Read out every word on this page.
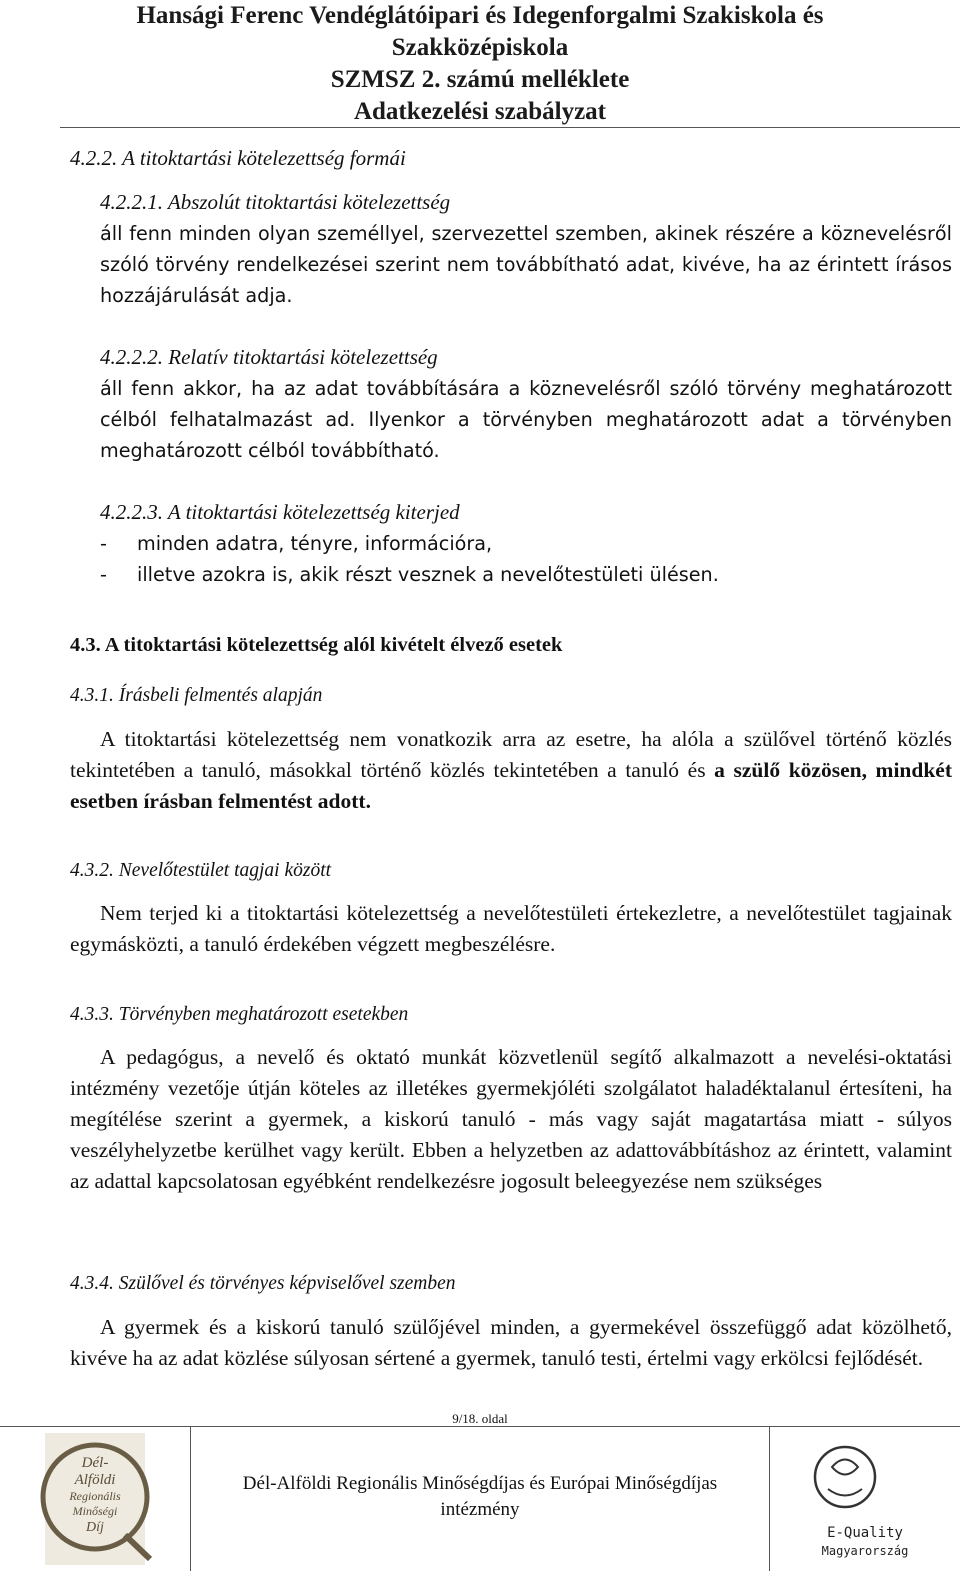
Hansági Ferenc Vendéglátóipari és Idegenforgalmi Szakiskola és
Szakközépiskola
SZMSZ 2. számú melléklete
Adatkezelési szabályzat
4.2.2. A titoktartási kötelezettség formái
4.2.2.1. Abszolút titoktartási kötelezettség
áll fenn minden olyan személlyel, szervezettel szemben, akinek részére a köznevelésről szóló törvény rendelkezései szerint nem továbbítható adat, kivéve, ha az érintett írásos hozzájárulását adja.
4.2.2.2. Relatív titoktartási kötelezettség
áll fenn akkor, ha az adat továbbítására a köznevelésről szóló törvény meghatározott célból felhatalmazást ad. Ilyenkor a törvényben meghatározott adat a törvényben meghatározott célból továbbítható.
4.2.2.3. A titoktartási kötelezettség kiterjed
- minden adatra, tényre, információra,
- illetve azokra is, akik részt vesznek a nevelőtestületi ülésen.
4.3. A titoktartási kötelezettség alól kivételt élvező esetek
4.3.1. Írásbeli felmentés alapján
A titoktartási kötelezettség nem vonatkozik arra az esetre, ha alóla a szülővel történő közlés tekintetében a tanuló, másokkal történő közlés tekintetében a tanuló és a szülő közösen, mindkét esetben írásban felmentést adott.
4.3.2. Nevelőtestület tagjai között
Nem terjed ki a titoktartási kötelezettség a nevelőtestületi értekezletre, a nevelőtestület tagjainak egymásközti, a tanuló érdekében végzett megbeszélésre.
4.3.3. Törvényben meghatározott esetekben
A pedagógus, a nevelő és oktató munkát közvetlenül segítő alkalmazott a nevelési-oktatási intézmény vezetője útján köteles az illetékes gyermekjóléti szolgálatot haladéktalanul értesíteni, ha megítélése szerint a gyermek, a kiskorú tanuló - más vagy saját magatartása miatt - súlyos veszélyhelyzetbe kerülhet vagy került. Ebben a helyzetben az adattovábbításhoz az érintett, valamint az adattal kapcsolatosan egyébként rendelkezésre jogosult beleegyezése nem szükséges
4.3.4. Szülővel és törvényes képviselővel szemben
A gyermek és a kiskorú tanuló szülőjével minden, a gyermekével összefüggő adat közölhető, kivéve ha az adat közlése súlyosan sértené a gyermek, tanuló testi, értelmi vagy erkölcsi fejlődését.
9/18. oldal
Dél-
Alföldi
Regionális
Minőségi
Díj
Dél-Alföldi Regionális Minőségdíjas és Európai Minőségdíjas
intézmény
E-Quality
Magyarország
